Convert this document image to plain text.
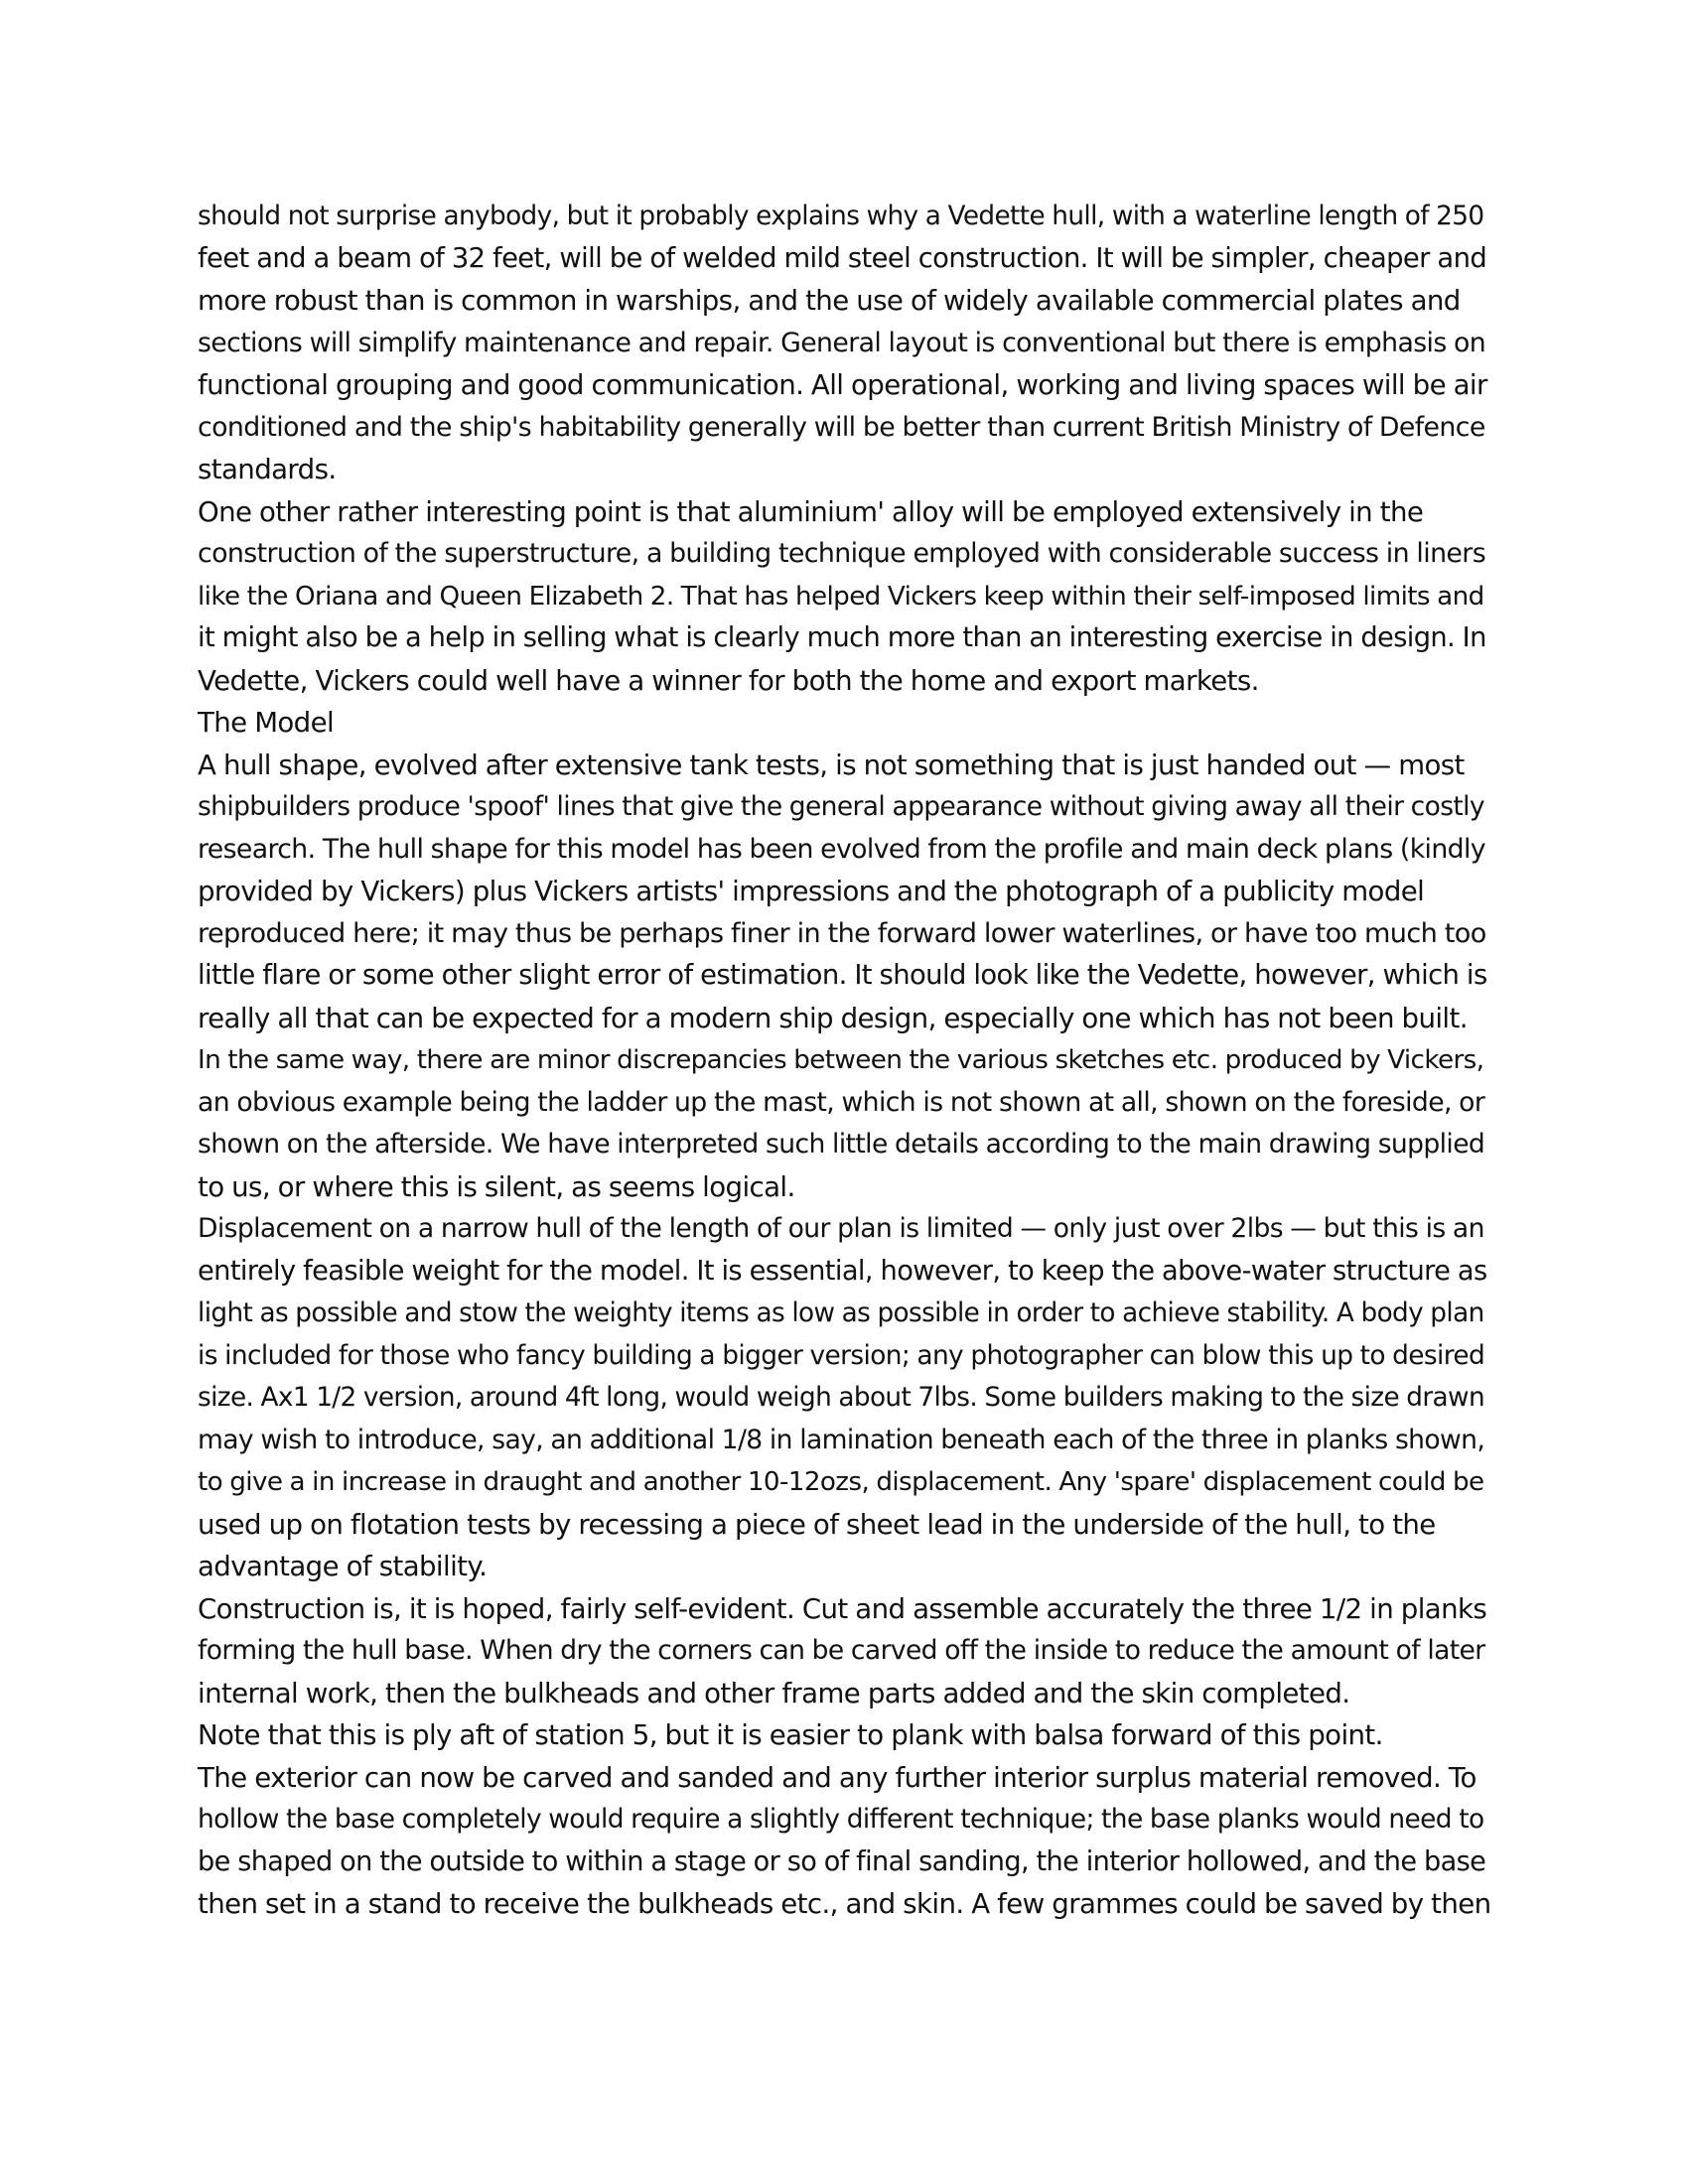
should not surprise anybody, but it probably explains why a Vedette hull, with a waterline length of 250
feet and a beam of 32 feet, will be of welded mild steel construction. It will be simpler, cheaper and
more robust than is common in warships, and the use of widely available commercial plates and
sections will simplify maintenance and repair. General layout is conventional but there is emphasis on
functional grouping and good communication. All operational, working and living spaces will be air
conditioned and the ship's habitability generally will be better than current British Ministry of Defence
standards.
One other rather interesting point is that aluminium' alloy will be employed extensively in the
construction of the superstructure, a building technique employed with considerable success in liners
like the Oriana and Queen Elizabeth 2. That has helped Vickers keep within their self-imposed limits and
it might also be a help in selling what is clearly much more than an interesting exercise in design. In
Vedette, Vickers could well have a winner for both the home and export markets.
The Model
A hull shape, evolved after extensive tank tests, is not something that is just handed out — most
shipbuilders produce 'spoof' lines that give the general appearance without giving away all their costly
research. The hull shape for this model has been evolved from the profile and main deck plans (kindly
provided by Vickers) plus Vickers artists' impressions and the photograph of a publicity model
reproduced here; it may thus be perhaps finer in the forward lower waterlines, or have too much too
little flare or some other slight error of estimation. It should look like the Vedette, however, which is
really all that can be expected for a modern ship design, especially one which has not been built.
In the same way, there are minor discrepancies between the various sketches etc. produced by Vickers,
an obvious example being the ladder up the mast, which is not shown at all, shown on the foreside, or
shown on the afterside. We have interpreted such little details according to the main drawing supplied
to us, or where this is silent, as seems logical.
Displacement on a narrow hull of the length of our plan is limited — only just over 2lbs — but this is an
entirely feasible weight for the model. It is essential, however, to keep the above-water structure as
light as possible and stow the weighty items as low as possible in order to achieve stability. A body plan
is included for those who fancy building a bigger version; any photographer can blow this up to desired
size. Ax1 1/2 version, around 4ft long, would weigh about 7lbs. Some builders making to the size drawn
may wish to introduce, say, an additional 1/8 in lamination beneath each of the three in planks shown,
to give a in increase in draught and another 10-12ozs, displacement. Any 'spare' displacement could be
used up on flotation tests by recessing a piece of sheet lead in the underside of the hull, to the
advantage of stability.
Construction is, it is hoped, fairly self-evident. Cut and assemble accurately the three 1/2 in planks
forming the hull base. When dry the corners can be carved off the inside to reduce the amount of later
internal work, then the bulkheads and other frame parts added and the skin completed.
Note that this is ply aft of station 5, but it is easier to plank with balsa forward of this point.
The exterior can now be carved and sanded and any further interior surplus material removed. To
hollow the base completely would require a slightly different technique; the base planks would need to
be shaped on the outside to within a stage or so of final sanding, the interior hollowed, and the base
then set in a stand to receive the bulkheads etc., and skin. A few grammes could be saved by then
